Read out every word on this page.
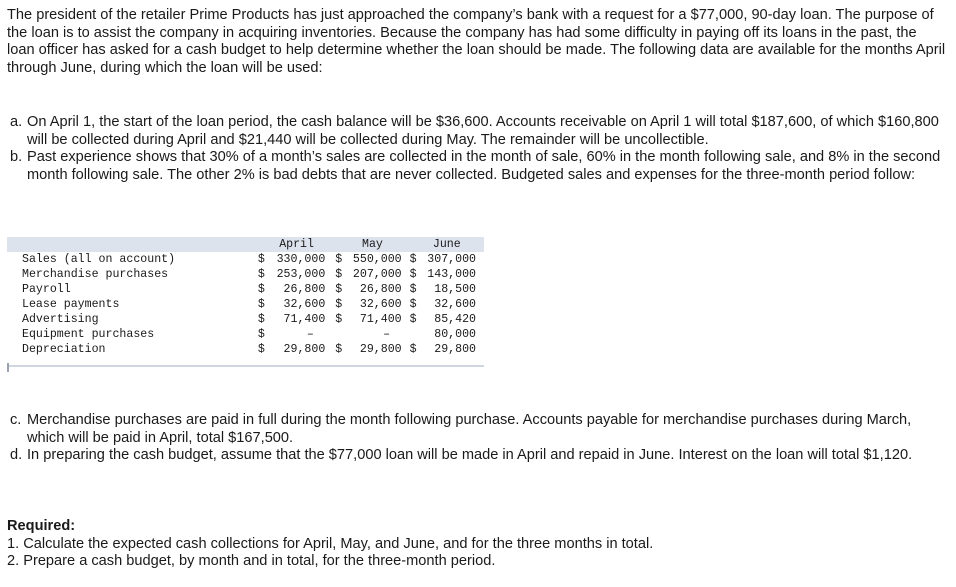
The president of the retailer Prime Products has just approached the company’s bank with a request for a $77,000, 90-day loan. The purpose of the loan is to assist the company in acquiring inventories. Because the company has had some difficulty in paying off its loans in the past, the loan officer has asked for a cash budget to help determine whether the loan should be made. The following data are available for the months April through June, during which the loan will be used:

a. On April 1, the start of the loan period, the cash balance will be $36,600. Accounts receivable on April 1 will total $187,600, of which $160,800 will be collected during April and $21,440 will be collected during May. The remainder will be uncollectible.
b. Past experience shows that 30% of a month’s sales are collected in the month of sale, 60% in the month following sale, and 8% in the second month following sale. The other 2% is bad debts that are never collected. Budgeted sales and expenses for the three-month period follow:
	April	May	June
Sales (all on account)	$ 330,000	$ 550,000	$ 307,000
Merchandise purchases	$ 253,000	$ 207,000	$ 143,000
Payroll	$ 26,800	$ 26,800	$ 18,500
Lease payments	$ 32,600	$ 32,600	$ 32,600
Advertising	$ 71,400	$ 71,400	$ 85,420
Equipment purchases	$ –	–	80,000
Depreciation	$ 29,800	$ 29,800	$ 29,800
c. Merchandise purchases are paid in full during the month following purchase. Accounts payable for merchandise purchases during March, which will be paid in April, total $167,500.
d. In preparing the cash budget, assume that the $77,000 loan will be made in April and repaid in June. Interest on the loan will total $1,120.
Required:
1. Calculate the expected cash collections for April, May, and June, and for the three months in total.
2. Prepare a cash budget, by month and in total, for the three-month period.
